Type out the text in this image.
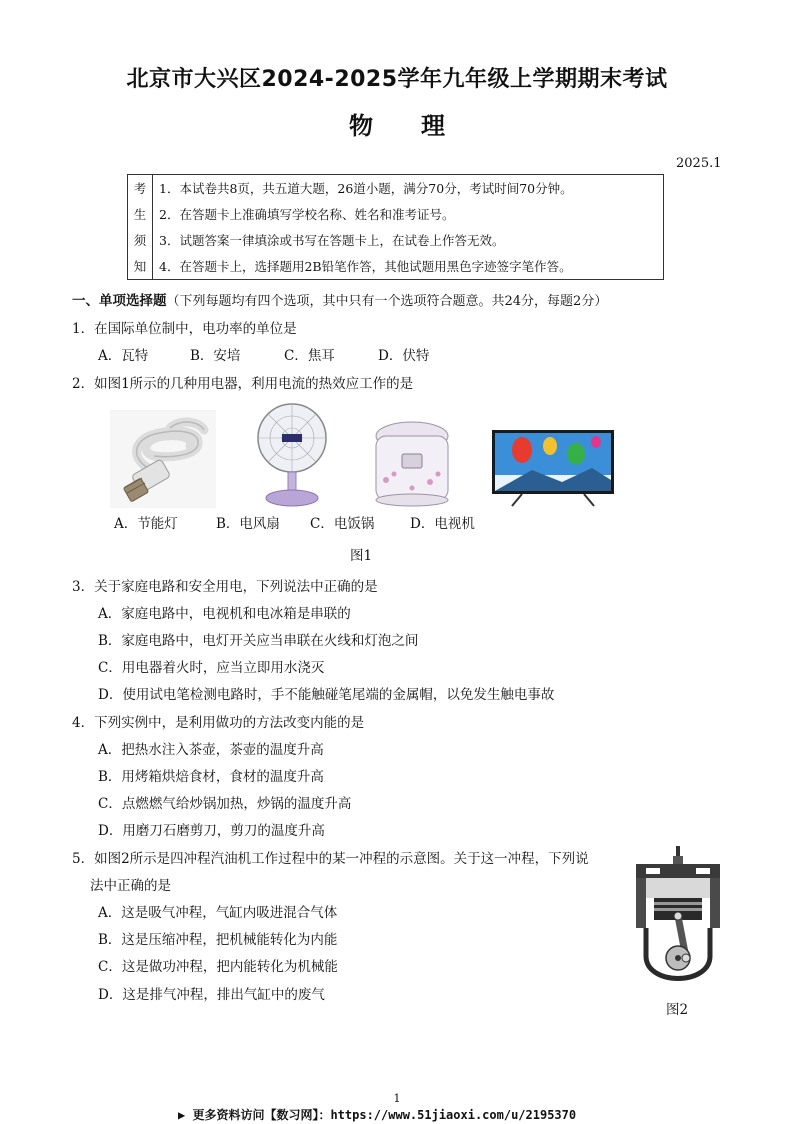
北京市大兴区2024-2025学年九年级上学期期末考试
物　　理
2025.1
考	1．本试卷共8页，共五道大题，26道小题，满分70分，考试时间70分钟。
生	2．在答题卡上准确填写学校名称、姓名和准考证号。
须	3．试题答案一律填涂或书写在答题卡上，在试卷上作答无效。
知	4．在答题卡上，选择题用2B铅笔作答，其他试题用黑色字迹签字笔作答。
一、单项选择题（下列每题均有四个选项，其中只有一个选项符合题意。共24分，每题2分）
1．在国际单位制中，电功率的单位是
A．瓦特	B．安培	C．焦耳	D．伏特
2．如图1所示的几种用电器，利用电流的热效应工作的是
A．节能灯	B．电风扇 C．电饭锅	D．电视机
图1
3．关于家庭电路和安全用电，下列说法中正确的是
A．家庭电路中，电视机和电冰箱是串联的
B．家庭电路中，电灯开关应当串联在火线和灯泡之间
C．用电器着火时，应当立即用水浇灭
D．使用试电笔检测电路时，手不能触碰笔尾端的金属帽，以免发生触电事故
4．下列实例中，是利用做功的方法改变内能的是
A．把热水注入茶壶，茶壶的温度升高
B．用烤箱烘焙食材，食材的温度升高
C．点燃燃气给炒锅加热，炒锅的温度升高
D．用磨刀石磨剪刀，剪刀的温度升高
5．如图2所示是四冲程汽油机工作过程中的某一冲程的示意图。关于这一冲程，下列说
法中正确的是
A．这是吸气冲程，气缸内吸进混合气体
B．这是压缩冲程，把机械能转化为内能
C．这是做功冲程，把内能转化为机械能
D．这是排气冲程，排出气缸中的废气
图2
1
▶ 更多资料访问【数习网】：https://www.51jiaoxi.com/u/2195370
